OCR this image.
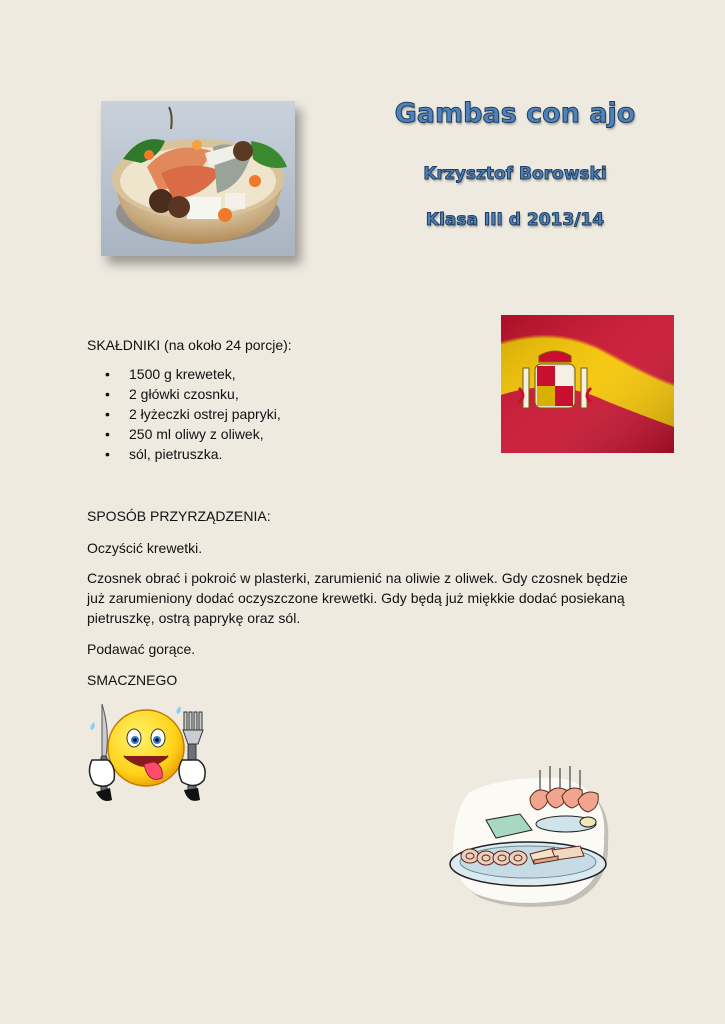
Gambas con ajo
Krzysztof Borowski
Klasa III d 2013/14
SKAŁDNIKI (na około 24 porcje):
• 1500 g krewetek,
• 2 główki czosnku,
• 2 łyżeczki ostrej papryki,
• 250 ml oliwy z oliwek,
• sól, pietruszka.
SPOSÓB PRZYRZĄDZENIA:
Oczyścić krewetki.
Czosnek obrać i pokroić w plasterki, zarumienić na oliwie z oliwek. Gdy czosnek będzie już zarumieniony dodać oczyszczone krewetki. Gdy będą już miękkie dodać posiekaną pietruszkę, ostrą paprykę oraz sól.
Podawać gorące.
SMACZNEGO
